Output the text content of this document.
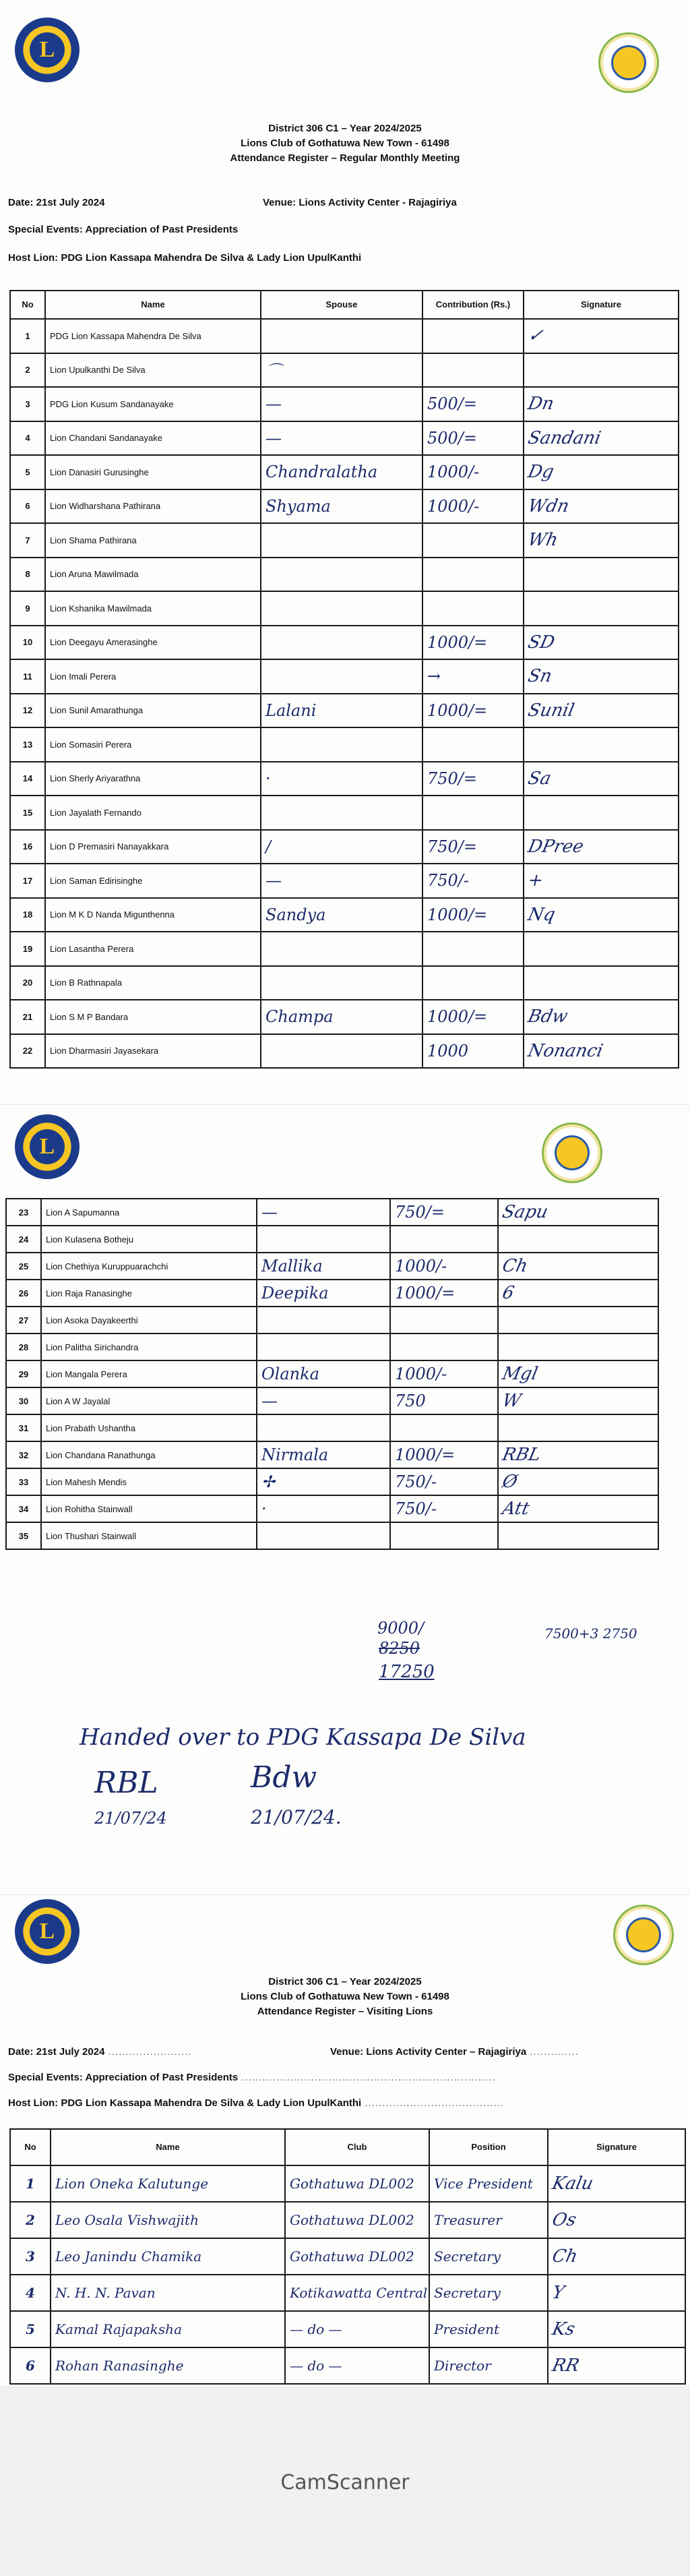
L
District 306 C1 – Year 2024/2025
Lions Club of Gothatuwa New Town - 61498
Attendance Register – Regular Monthly Meeting
Date: 21st July 2024	Venue: Lions Activity Center - Rajagiriya
Special Events: Appreciation of Past Presidents
Host Lion: PDG Lion Kassapa Mahendra De Silva & Lady Lion UpulKanthi
No	Name	Spouse	Contribution (Rs.)	Signature
1	PDG Lion Kassapa Mahendra De Silva			✓
2	Lion Upulkanthi De Silva	⌒		
3	PDG Lion Kusum Sandanayake	—	500/=	Dn
4	Lion Chandani Sandanayake	—	500/=	Sandani
5	Lion Danasiri Gurusinghe	Chandralatha	1000/-	Dg
6	Lion Widharshana Pathirana	Shyama	1000/-	Wdn
7	Lion Shama Pathirana			Wh
8	Lion Aruna Mawilmada			
9	Lion Kshanika Mawilmada			
10	Lion Deegayu Amerasinghe		1000/=	SD
11	Lion Imali Perera		→	Sn
12	Lion Sunil Amarathunga	Lalani	1000/=	Sunil
13	Lion Somasiri Perera			
14	Lion Sherly Ariyarathna	·	750/=	Sa
15	Lion Jayalath Fernando			
16	Lion D Premasiri Nanayakkara	/	750/=	DPree
17	Lion Saman Edirisinghe	—	750/-	+
18	Lion M K D Nanda Migunthenna	Sandya	1000/=	Nq
19	Lion Lasantha Perera			
20	Lion B Rathnapala			
21	Lion S M P Bandara	Champa	1000/=	Bdw
22	Lion Dharmasiri Jayasekara		1000	Nonanci
L
23	Lion A Sapumanna	—	750/=	Sapu
24	Lion Kulasena Botheju			
25	Lion Chethiya Kuruppuarachchi	Mallika	1000/-	Ch
26	Lion Raja Ranasinghe	Deepika	1000/=	6
27	Lion Asoka Dayakeerthi			
28	Lion Palitha Sirichandra			
29	Lion Mangala Perera	Olanka	1000/-	Mgl
30	Lion A W Jayalal	—	750	W
31	Lion Prabath Ushantha			
32	Lion Chandana Ranathunga	Nirmala	1000/=	RBL
33	Lion Mahesh Mendis	✢	750/-	Ø
34	Lion Rohitha Stainwall	·	750/-	Att
35	Lion Thushari Stainwall			
9000/
8250
17250
7500+3 2750
Handed over to PDG Kassapa De Silva
RBL	Bdw
21/07/24	21/07/24.
L
District 306 C1 – Year 2024/2025
Lions Club of Gothatuwa New Town - 61498
Attendance Register – Visiting Lions
Date: 21st July 2024 ........................	Venue: Lions Activity Center – Rajagiriya ..............
Special Events: Appreciation of Past Presidents .........................................................................
Host Lion: PDG Lion Kassapa Mahendra De Silva & Lady Lion UpulKanthi ........................................
No	Name	Club	Position	Signature
1	Lion Oneka Kalutunge	Gothatuwa DL002	Vice President	Kalu
2	Leo Osala Vishwajith	Gothatuwa DL002	Treasurer	Os
3	Leo Janindu Chamika	Gothatuwa DL002	Secretary	Ch
4	N. H. N. Pavan	Kotikawatta Central	Secretary	Y
5	Kamal Rajapaksha	— do —	President	Ks
6	Rohan Ranasinghe	— do —	Director	RR
CamScanner
